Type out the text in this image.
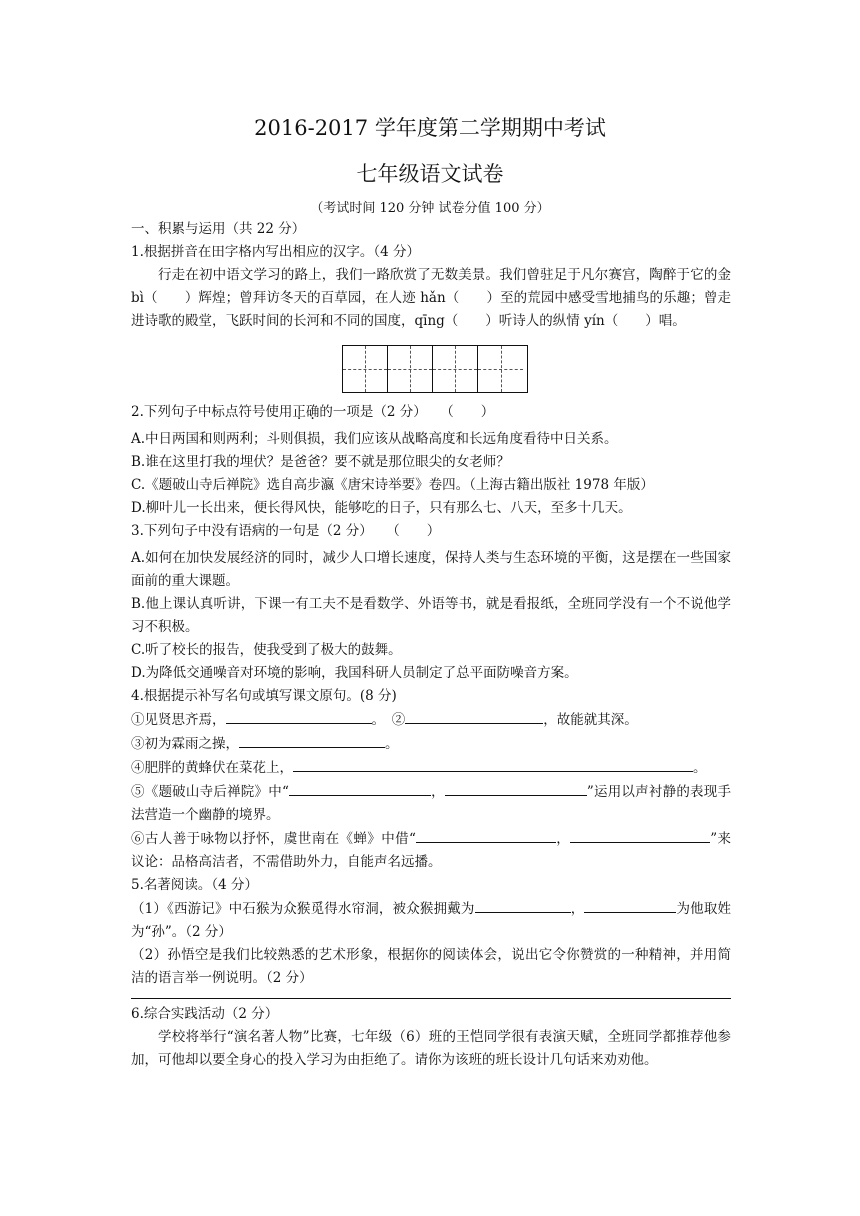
2016-2017 学年度第二学期期中考试
七年级语文试卷
（考试时间 120 分钟 试卷分值 100 分）

一、积累与运用（共 22 分）

1.根据拼音在田字格内写出相应的汉字。（4 分）

行走在初中语文学习的路上，我们一路欣赏了无数美景。我们曾驻足于凡尔赛宫，陶醉于它的金　bì（　　）辉煌；曾拜访冬天的百草园，在人迹 hǎn（　　）至的荒园中感受雪地捕鸟的乐趣；曾走进诗歌的殿堂，飞跃时间的长河和不同的国度，qīng（　　）听诗人的纵情 yín（　　）唱。

2.下列句子中标点符号使用正确的一项是（2 分）　　（　　）

A.中日两国和则两利；斗则俱损，我们应该从战略高度和长远角度看待中日关系。

B.谁在这里打我的埋伏？是爸爸？要不就是那位眼尖的女老师？

C.《题破山寺后禅院》选自高步瀛《唐宋诗举要》卷四。（上海古籍出版社 1978 年版）

D.柳叶儿一长出来，便长得风快，能够吃的日子，只有那么七、八天，至多十几天。

3.下列句子中没有语病的一句是（2 分）　　（　　）

A.如何在加快发展经济的同时，减少人口增长速度，保持人类与生态环境的平衡，这是摆在一些国家面前的重大课题。

B.他上课认真听讲，下课一有工夫不是看数学、外语等书，就是看报纸，全班同学没有一个不说他学习不积极。

C.听了校长的报告，使我受到了极大的鼓舞。

D.为降低交通噪音对环境的影响，我国科研人员制定了总平面防噪音方案。

4.根据提示补写名句或填写课文原句。(8 分)

①见贤思齐焉，	。　②	，故能就其深。

③初为霖雨之操，	。

④肥胖的黄蜂伏在菜花上，	。

⑤《题破山寺后禅院》中“	，	”运用以声衬静的表现手法营造一个幽静的境界。

⑥古人善于咏物以抒怀，虞世南在《蝉》中借“	，	”来议论：品格高洁者，不需借助外力，自能声名远播。

5.名著阅读。（4 分）

（1）《西游记》中石猴为众猴觅得水帘洞，被众猴拥戴为	，	为他取姓为“孙”。（2 分）

（2）孙悟空是我们比较熟悉的艺术形象，根据你的阅读体会，说出它令你赞赏的一种精神，并用简洁的语言举一例说明。（2 分）

6.综合实践活动（2 分）

学校将举行“演名著人物”比赛，七年级（6）班的王恺同学很有表演天赋，全班同学都推荐他参加，可他却以要全身心的投入学习为由拒绝了。请你为该班的班长设计几句话来劝劝他。
